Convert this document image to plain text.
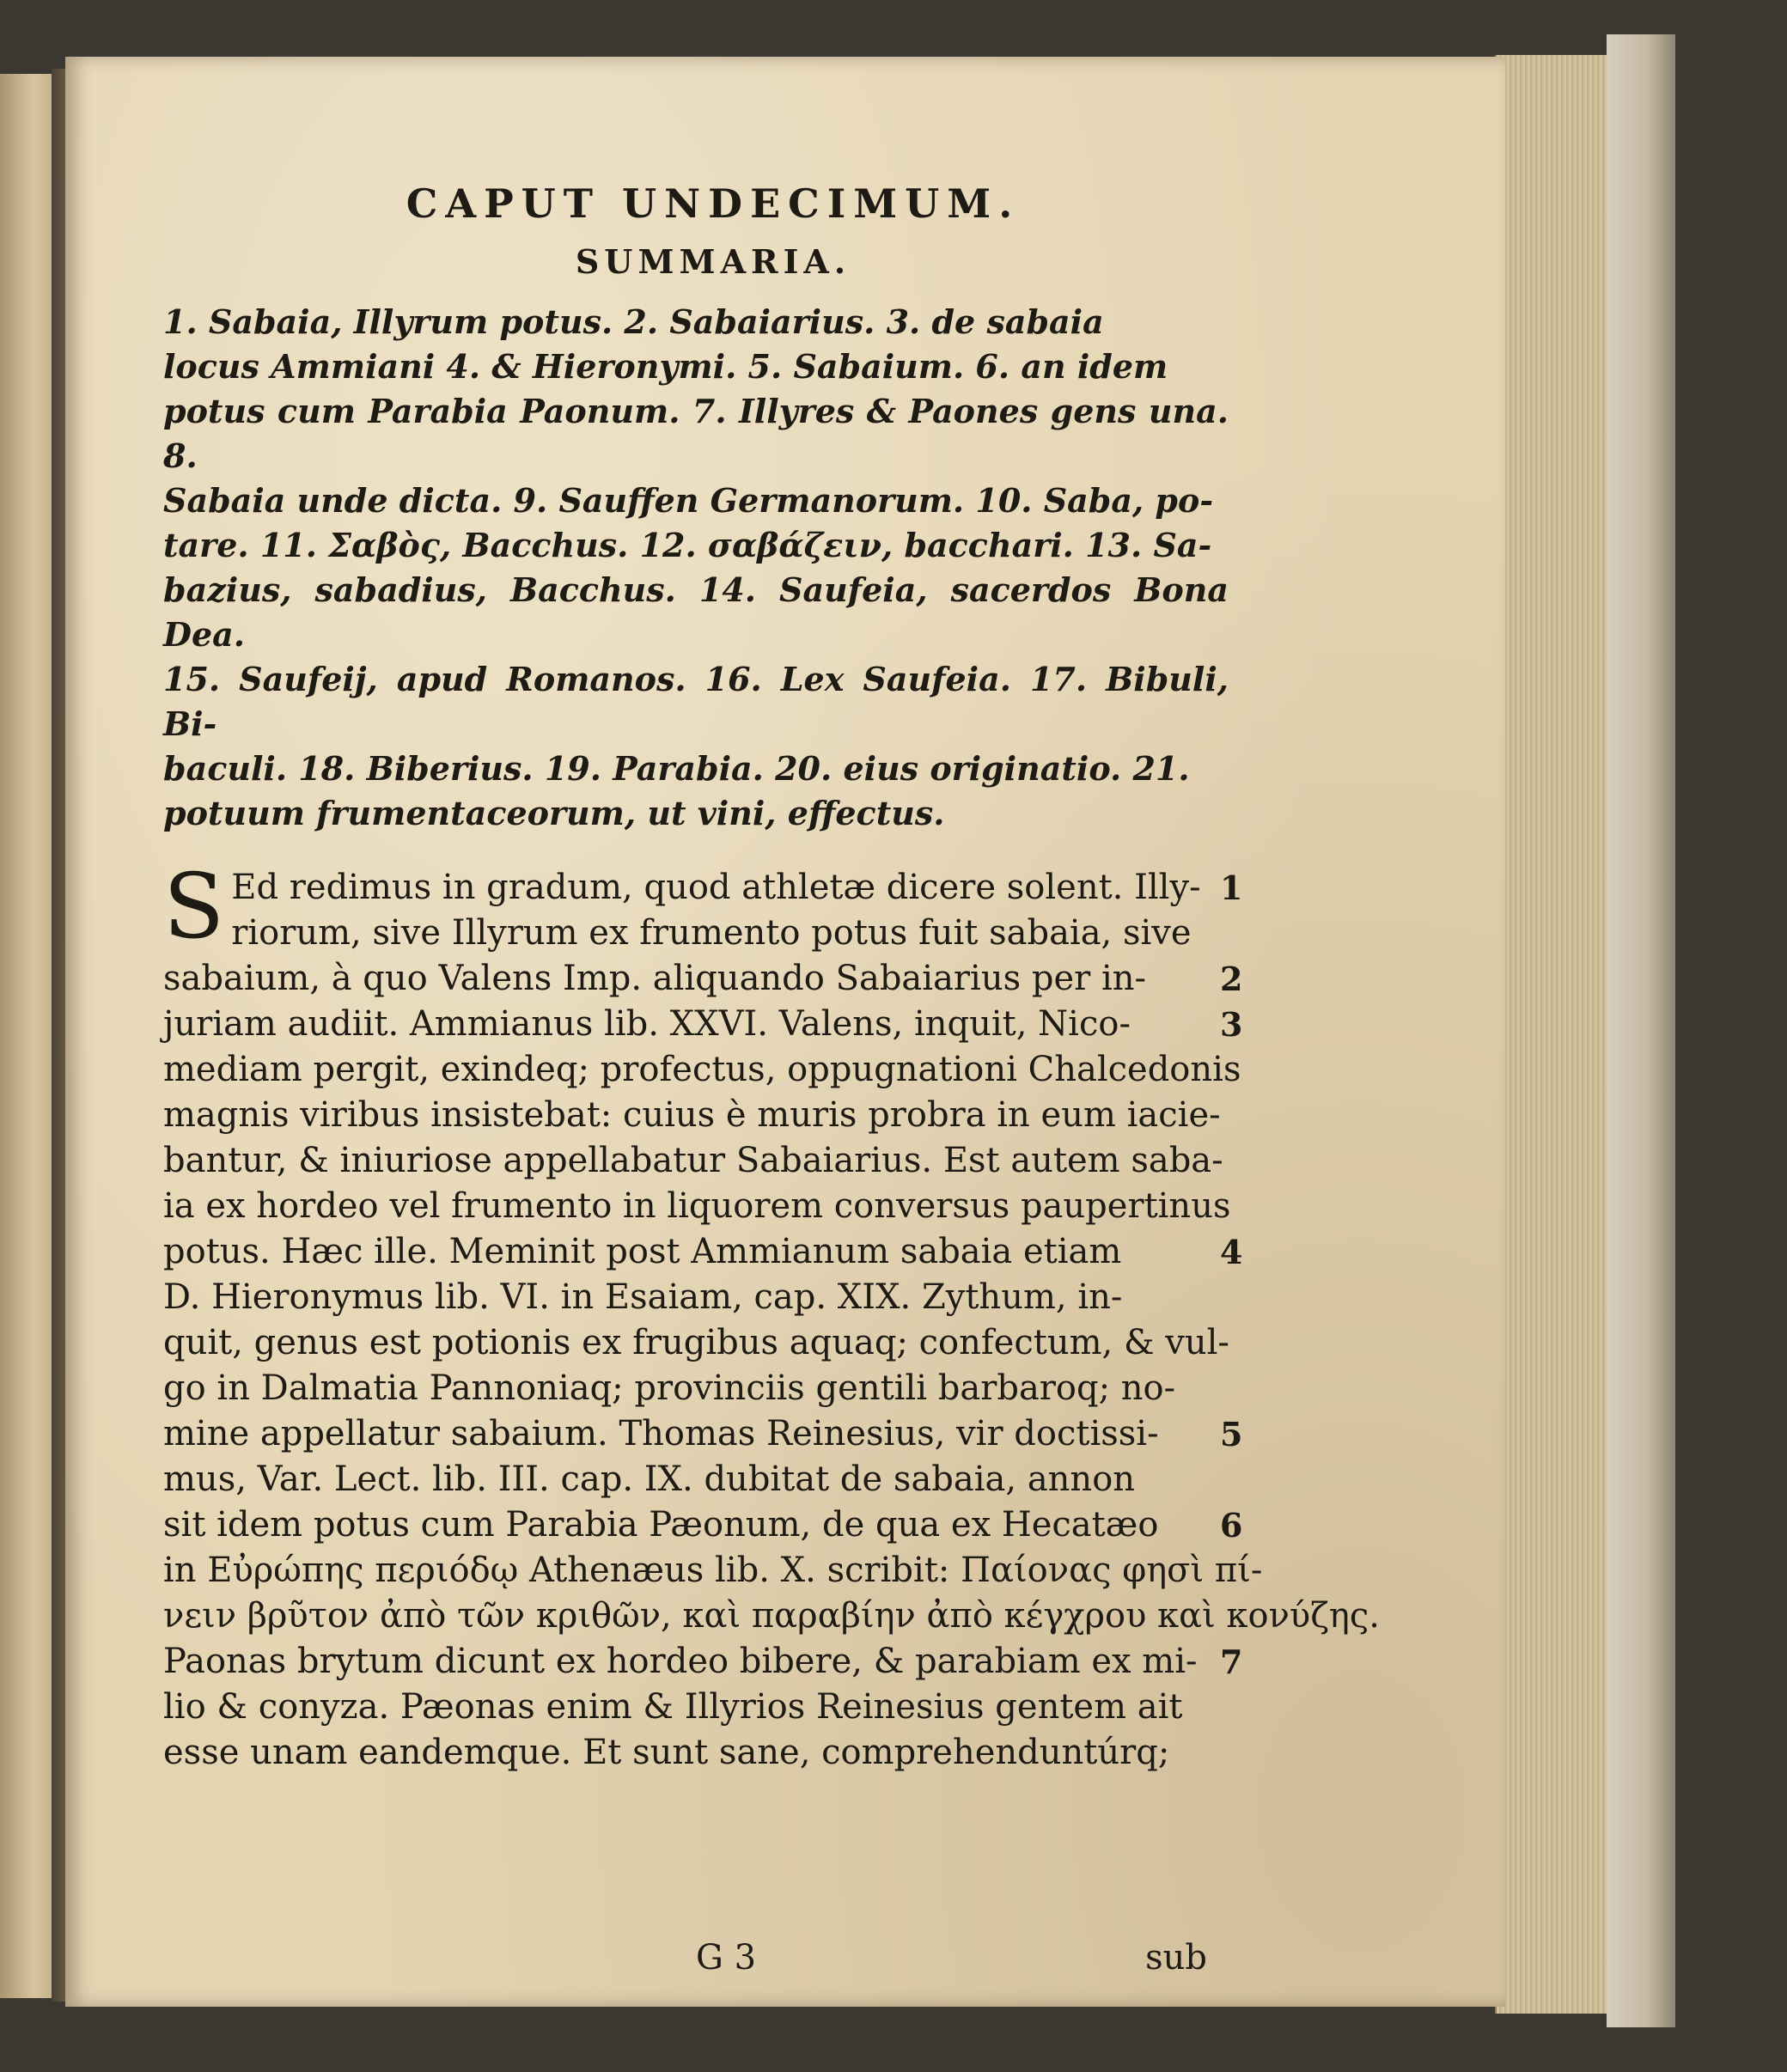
CAPUT UNDECIMUM.
SUMMARIA.

1. Sabaia, Illyrum potus. 2. Sabaiarius. 3. de sabaia

locus Ammiani 4. & Hieronymi. 5. Sabaium. 6. an idem

potus cum Parabia Paonum. 7. Illyres & Paones gens una. 8.

Sabaia unde dicta. 9. Sauffen Germanorum. 10. Saba, po-

tare. 11. Σαβὸς, Bacchus. 12. σαβάζειν, bacchari. 13. Sa-

bazius, sabadius, Bacchus. 14. Saufeia, sacerdos Bona Dea.

15. Saufeij, apud Romanos. 16. Lex Saufeia. 17. Bibuli, Bi-

baculi. 18. Biberius. 19. Parabia. 20. eius originatio. 21.

potuum frumentaceorum, ut vini, effectus.

S Ed redimus in gradum, quod athletæ dicere solent. Illy- 1
riorum, sive Illyrum ex frumento potus fuit sabaia, sive
sabaium, à quo Valens Imp. aliquando Sabaiarius per in- 2
juriam audiit. Ammianus lib. XXVI. Valens, inquit, Nico-	3
mediam pergit, exindeq; profectus, oppugnationi Chalcedonis
magnis viribus insistebat: cuius è muris probra in eum iacie-
bantur, & iniuriose appellabatur Sabaiarius. Est autem saba-
ia ex hordeo vel frumento in liquorem conversus paupertinus
potus. Hæc ille. Meminit post Ammianum sabaia etiam	4
D. Hieronymus lib. VI. in Esaiam, cap. XIX. Zythum, in-
quit, genus est potionis ex frugibus aquaq; confectum, & vul-
go in Dalmatia Pannoniaq; provinciis gentili barbaroq; no-
mine appellatur sabaium. Thomas Reinesius, vir doctissi- 5
mus, Var. Lect. lib. III. cap. IX. dubitat de sabaia, annon
sit idem potus cum Parabia Pæonum, de qua ex Hecatæo 6
in Εὐρώπης περιόδῳ Athenæus lib. X. scribit: Παίονας φησὶ πί-
νειν βρῦτον ἀπὸ τῶν κριθῶν, καὶ παραβίην ἀπὸ κέγχρου καὶ κονύζης.
Paonas brytum dicunt ex hordeo bibere, & parabiam ex mi- 7
lio & conyza. Pæonas enim & Illyrios Reinesius gentem ait
esse unam eandemque. Et sunt sane, comprehenduntúrq;
G 3	sub
